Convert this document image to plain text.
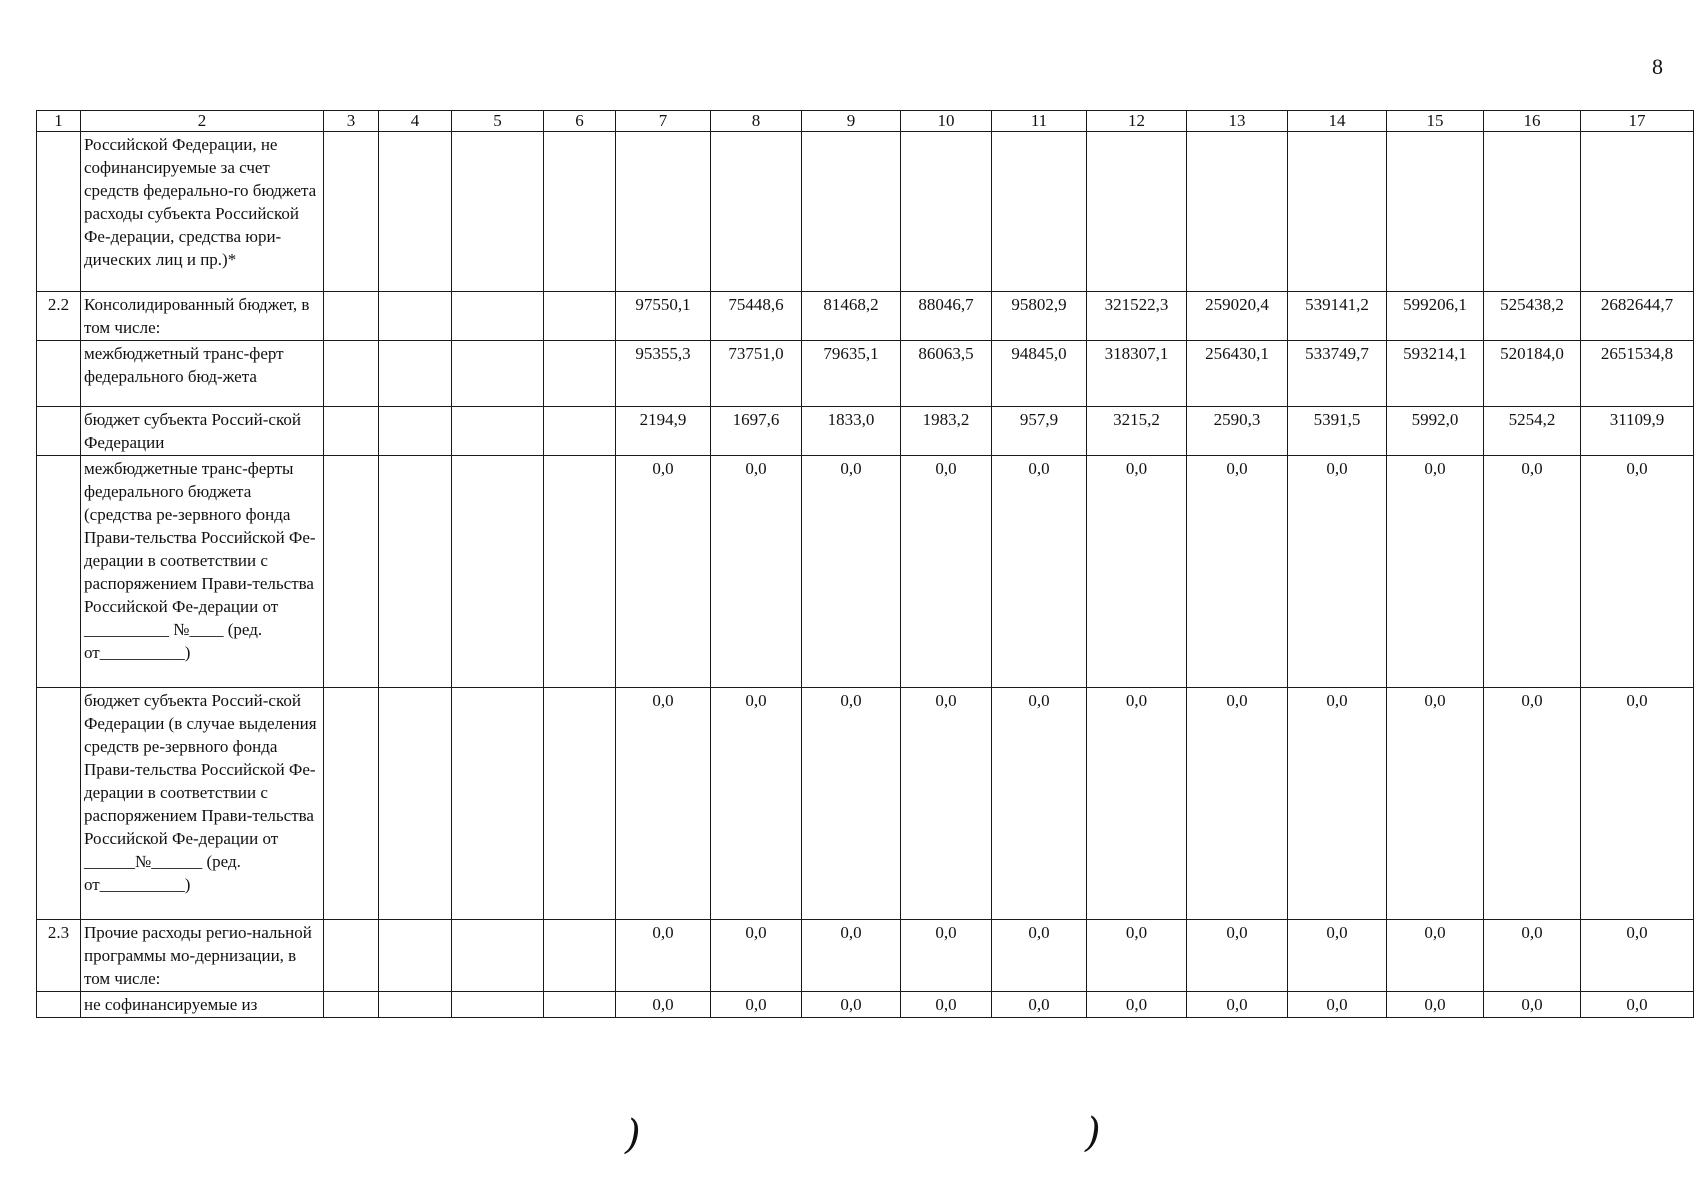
8
1	2	3	4	5	6	7	8	9	10	11	12	13	14	15	16	17
	Российской Федерации, не софинансируемые за счет средств федерально-го бюджета расходы субъекта Российской Фе-дерации, средства юри-дических лиц и пр.)*															
2.2	Консолидированный бюджет, в том числе:					97550,1	75448,6	81468,2	88046,7	95802,9	321522,3	259020,4	539141,2	599206,1	525438,2	2682644,7
	межбюджетный транс-ферт федерального бюд-жета					95355,3	73751,0	79635,1	86063,5	94845,0	318307,1	256430,1	533749,7	593214,1	520184,0	2651534,8
	бюджет субъекта Россий-ской Федерации					2194,9	1697,6	1833,0	1983,2	957,9	3215,2	2590,3	5391,5	5992,0	5254,2	31109,9
	межбюджетные транс-ферты федерального бюджета (средства ре-зервного фонда Прави-тельства Российской Фе-дерации в соответствии с распоряжением Прави-тельства Российской Фе-дерации от __________ №____ (ред. от__________)					0,0	0,0	0,0	0,0	0,0	0,0	0,0	0,0	0,0	0,0	0,0
	бюджет субъекта Россий-ской Федерации (в случае выделения средств ре-зервного фонда Прави-тельства Российской Фе-дерации в соответствии с распоряжением Прави-тельства Российской Фе-дерации от ______№______ (ред. от__________)					0,0	0,0	0,0	0,0	0,0	0,0	0,0	0,0	0,0	0,0	0,0
2.3	Прочие расходы регио-нальной программы мо-дернизации, в том числе:					0,0	0,0	0,0	0,0	0,0	0,0	0,0	0,0	0,0	0,0	0,0
	не софинансируемые из					0,0	0,0	0,0	0,0	0,0	0,0	0,0	0,0	0,0	0,0	0,0
)	)
